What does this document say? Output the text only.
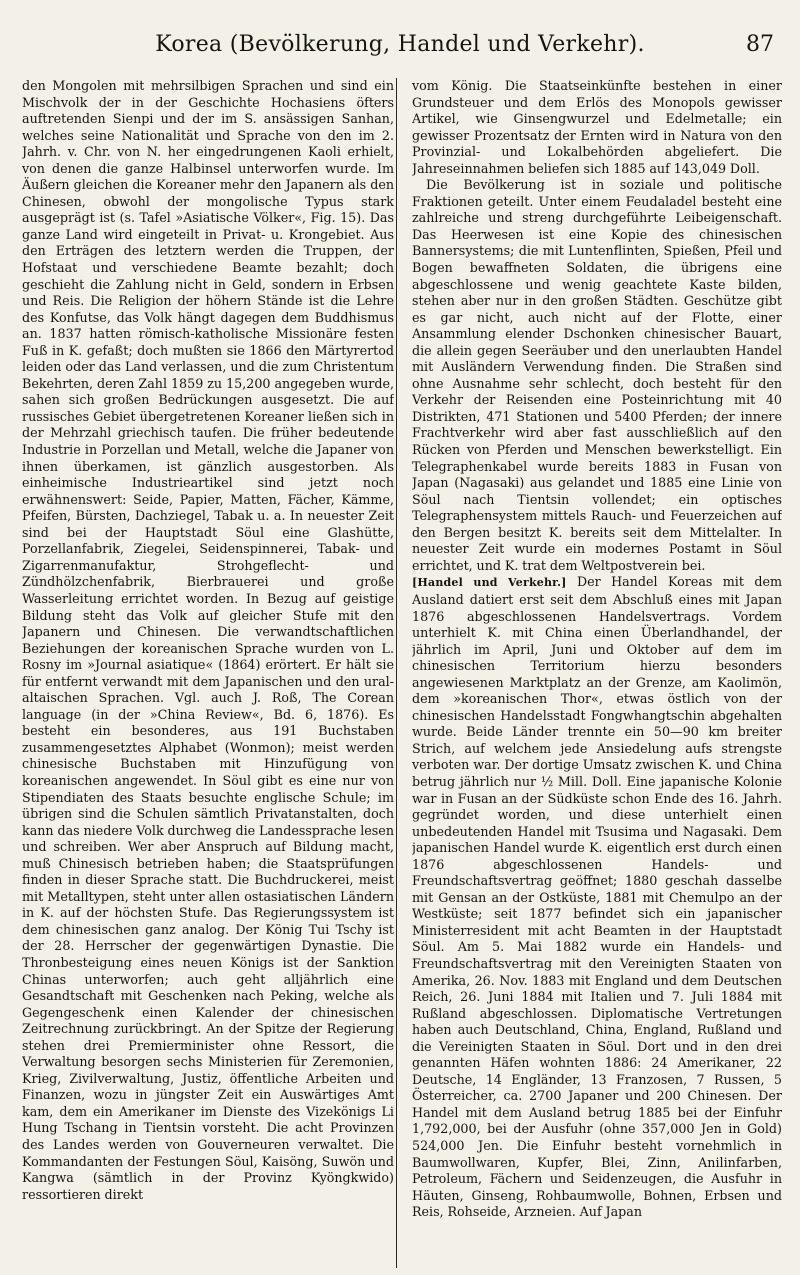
Korea (Bevölkerung, Handel und Verkehr).	87

den Mongolen mit mehrsilbigen Sprachen und sind ein Mischvolk der in der Geschichte Hochasiens öfters auftretenden Sienpi und der im S. ansässigen Sanhan, welches seine Nationalität und Sprache von den im 2. Jahrh. v. Chr. von N. her eingedrungenen Kaoli erhielt, von denen die ganze Halbinsel unterworfen wurde. Im Äußern gleichen die Koreaner mehr den Japanern als den Chinesen, obwohl der mongolische Typus stark ausgeprägt ist (s. Tafel »Asiatische Völker«, Fig. 15). Das ganze Land wird eingeteilt in Privat- u. Krongebiet. Aus den Erträgen des letztern werden die Truppen, der Hofstaat und verschiedene Beamte bezahlt; doch geschieht die Zahlung nicht in Geld, sondern in Erbsen und Reis. Die Religion der höhern Stände ist die Lehre des Konfutse, das Volk hängt dagegen dem Buddhismus an. 1837 hatten römisch-katholische Missionäre festen Fuß in K. gefaßt; doch mußten sie 1866 den Märtyrertod leiden oder das Land verlassen, und die zum Christentum Bekehrten, deren Zahl 1859 zu 15,200 angegeben wurde, sahen sich großen Bedrückungen ausgesetzt. Die auf russisches Gebiet übergetretenen Koreaner ließen sich in der Mehrzahl griechisch taufen. Die früher bedeutende Industrie in Porzellan und Metall, welche die Japaner von ihnen überkamen, ist gänzlich ausgestorben. Als einheimische Industrieartikel sind jetzt noch erwähnenswert: Seide, Papier, Matten, Fächer, Kämme, Pfeifen, Bürsten, Dachziegel, Tabak u. a. In neuester Zeit sind bei der Hauptstadt Söul eine Glashütte, Porzellanfabrik, Ziegelei, Seidenspinnerei, Tabak- und Zigarrenmanufaktur, Strohgeflecht- und Zündhölzchenfabrik, Bierbrauerei und große Wasserleitung errichtet worden. In Bezug auf geistige Bildung steht das Volk auf gleicher Stufe mit den Japanern und Chinesen. Die verwandtschaftlichen Beziehungen der koreanischen Sprache wurden von L. Rosny im »Journal asiatique« (1864) erörtert. Er hält sie für entfernt verwandt mit dem Japanischen und den ural-altaischen Sprachen. Vgl. auch J. Roß, The Corean language (in der »China Review«, Bd. 6, 1876). Es besteht ein besonderes, aus 191 Buchstaben zusammengesetztes Alphabet (Wonmon); meist werden chinesische Buchstaben mit Hinzufügung von koreanischen angewendet. In Söul gibt es eine nur von Stipendiaten des Staats besuchte englische Schule; im übrigen sind die Schulen sämtlich Privatanstalten, doch kann das niedere Volk durchweg die Landessprache lesen und schreiben. Wer aber Anspruch auf Bildung macht, muß Chinesisch betrieben haben; die Staatsprüfungen finden in dieser Sprache statt. Die Buchdruckerei, meist mit Metalltypen, steht unter allen ostasiatischen Ländern in K. auf der höchsten Stufe. Das Regierungssystem ist dem chinesischen ganz analog. Der König Tui Tschy ist der 28. Herrscher der gegenwärtigen Dynastie. Die Thronbesteigung eines neuen Königs ist der Sanktion Chinas unterworfen; auch geht alljährlich eine Gesandtschaft mit Geschenken nach Peking, welche als Gegengeschenk einen Kalender der chinesischen Zeitrechnung zurückbringt. An der Spitze der Regierung stehen drei Premierminister ohne Ressort, die Verwaltung besorgen sechs Ministerien für Zeremonien, Krieg, Zivilverwaltung, Justiz, öffentliche Arbeiten und Finanzen, wozu in jüngster Zeit ein Auswärtiges Amt kam, dem ein Amerikaner im Dienste des Vizekönigs Li Hung Tschang in Tientsin vorsteht. Die acht Provinzen des Landes werden von Gouverneuren verwaltet. Die Kommandanten der Festungen Söul, Kaisöng, Suwön und Kangwa (sämtlich in der Provinz Kyöngkwido) ressortieren direkt

vom König. Die Staatseinkünfte bestehen in einer Grundsteuer und dem Erlös des Monopols gewisser Artikel, wie Ginsengwurzel und Edelmetalle; ein gewisser Prozentsatz der Ernten wird in Natura von den Provinzial- und Lokalbehörden abgeliefert. Die Jahreseinnahmen beliefen sich 1885 auf 143,049 Doll.

Die Bevölkerung ist in soziale und politische Fraktionen geteilt. Unter einem Feudaladel besteht eine zahlreiche und streng durchgeführte Leibeigenschaft. Das Heerwesen ist eine Kopie des chinesischen Bannersystems; die mit Luntenflinten, Spießen, Pfeil und Bogen bewaffneten Soldaten, die übrigens eine abgeschlossene und wenig geachtete Kaste bilden, stehen aber nur in den großen Städten. Geschütze gibt es gar nicht, auch nicht auf der Flotte, einer Ansammlung elender Dschonken chinesischer Bauart, die allein gegen Seeräuber und den unerlaubten Handel mit Ausländern Verwendung finden. Die Straßen sind ohne Ausnahme sehr schlecht, doch besteht für den Verkehr der Reisenden eine Posteinrichtung mit 40 Distrikten, 471 Stationen und 5400 Pferden; der innere Frachtverkehr wird aber fast ausschließlich auf den Rücken von Pferden und Menschen bewerkstelligt. Ein Telegraphenkabel wurde bereits 1883 in Fusan von Japan (Nagasaki) aus gelandet und 1885 eine Linie von Söul nach Tientsin vollendet; ein optisches Telegraphensystem mittels Rauch- und Feuerzeichen auf den Bergen besitzt K. bereits seit dem Mittelalter. In neuester Zeit wurde ein modernes Postamt in Söul errichtet, und K. trat dem Weltpostverein bei.

[Handel und Verkehr.] Der Handel Koreas mit dem Ausland datiert erst seit dem Abschluß eines mit Japan 1876 abgeschlossenen Handelsvertrags. Vordem unterhielt K. mit China einen Überlandhandel, der jährlich im April, Juni und Oktober auf dem im chinesischen Territorium hierzu besonders angewiesenen Marktplatz an der Grenze, am Kaolimön, dem »koreanischen Thor«, etwas östlich von der chinesischen Handelsstadt Fongwhangtschin abgehalten wurde. Beide Länder trennte ein 50—90 km breiter Strich, auf welchem jede Ansiedelung aufs strengste verboten war. Der dortige Umsatz zwischen K. und China betrug jährlich nur ½ Mill. Doll. Eine japanische Kolonie war in Fusan an der Südküste schon Ende des 16. Jahrh. gegründet worden, und diese unterhielt einen unbedeutenden Handel mit Tsusima und Nagasaki. Dem japanischen Handel wurde K. eigentlich erst durch einen 1876 abgeschlossenen Handels- und Freundschaftsvertrag geöffnet; 1880 geschah dasselbe mit Gensan an der Ostküste, 1881 mit Chemulpo an der Westküste; seit 1877 befindet sich ein japanischer Ministerresident mit acht Beamten in der Hauptstadt Söul. Am 5. Mai 1882 wurde ein Handels- und Freundschaftsvertrag mit den Vereinigten Staaten von Amerika, 26. Nov. 1883 mit England und dem Deutschen Reich, 26. Juni 1884 mit Italien und 7. Juli 1884 mit Rußland abgeschlossen. Diplomatische Vertretungen haben auch Deutschland, China, England, Rußland und die Vereinigten Staaten in Söul. Dort und in den drei genannten Häfen wohnten 1886: 24 Amerikaner, 22 Deutsche, 14 Engländer, 13 Franzosen, 7 Russen, 5 Österreicher, ca. 2700 Japaner und 200 Chinesen. Der Handel mit dem Ausland betrug 1885 bei der Einfuhr 1,792,000, bei der Ausfuhr (ohne 357,000 Jen in Gold) 524,000 Jen. Die Einfuhr besteht vornehmlich in Baumwollwaren, Kupfer, Blei, Zinn, Anilinfarben, Petroleum, Fächern und Seidenzeugen, die Ausfuhr in Häuten, Ginseng, Rohbaumwolle, Bohnen, Erbsen und Reis, Rohseide, Arzneien. Auf Japan
